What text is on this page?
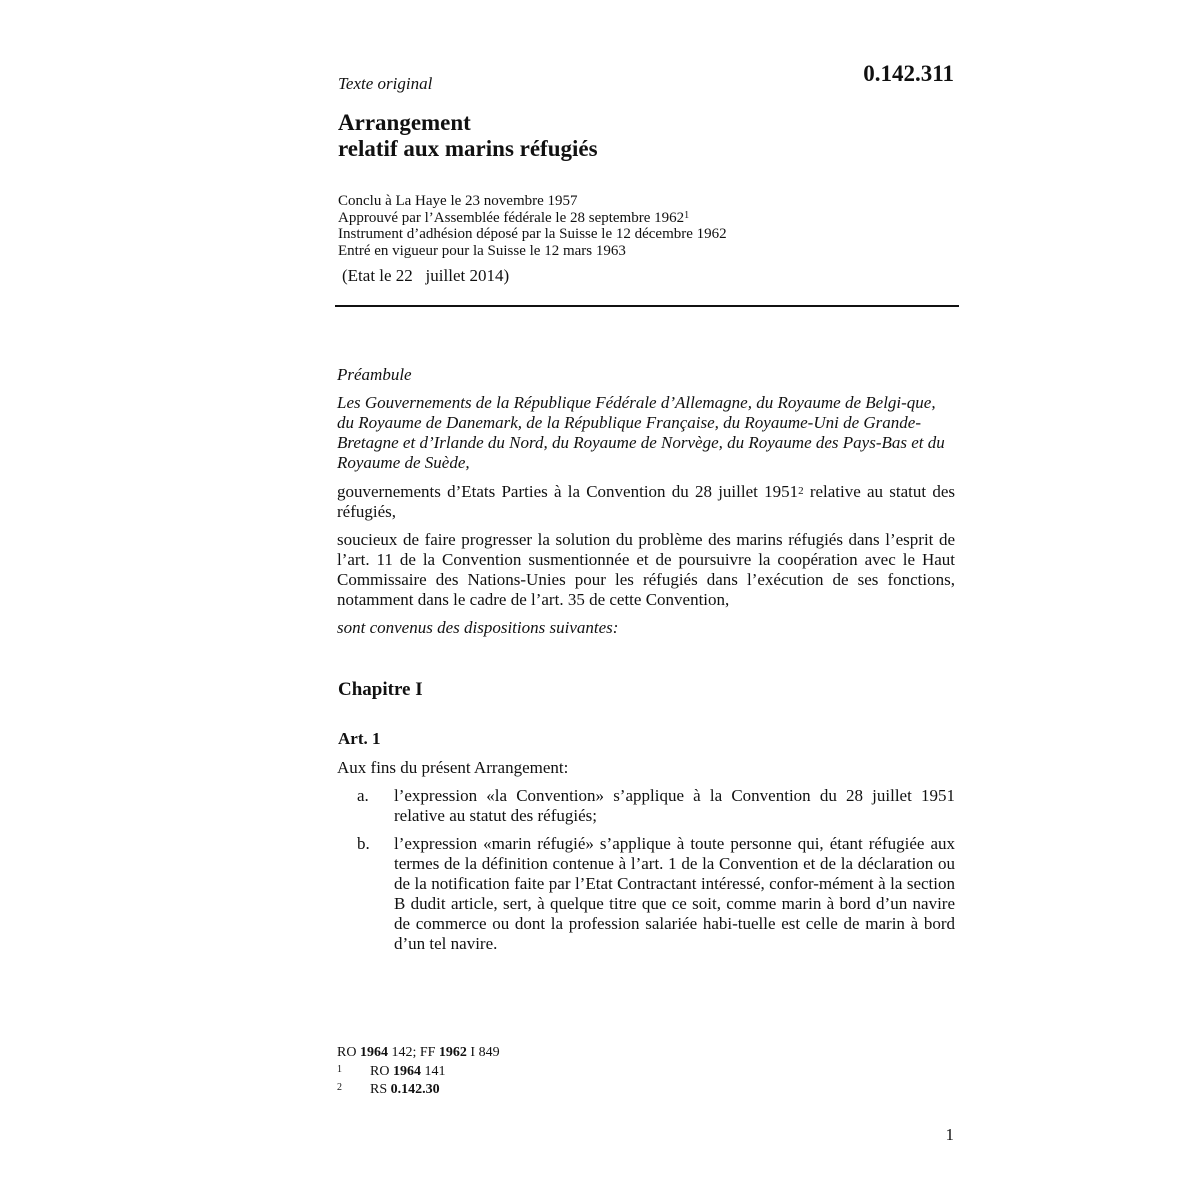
Texte original	0.142.311
Arrangement
relatif aux marins réfugiés
Conclu à La Haye le 23 novembre 1957
Approuvé par l’Assemblée fédérale le 28 septembre 1962$^1$
Instrument d’adhésion déposé par la Suisse le 12 décembre 1962
Entré en vigueur pour la Suisse le 12 mars 1963
(Etat le 22   juillet 2014)
Préambule
Les Gouvernements de la République Fédérale d’Allemagne, du Royaume de Belgi-que, du Royaume de Danemark, de la République Française, du Royaume-Uni de Grande-Bretagne et d’Irlande du Nord, du Royaume de Norvège, du Royaume des Pays-Bas et du Royaume de Suède,
gouvernements d’Etats Parties à la Convention du 28 juillet 1951$^2$ relative au statut des réfugiés,
soucieux de faire progresser la solution du problème des marins réfugiés dans l’esprit de l’art. 11 de la Convention susmentionnée et de poursuivre la coopération avec le Haut Commissaire des Nations-Unies pour les réfugiés dans l’exécution de ses fonctions, notamment dans le cadre de l’art. 35 de cette Convention,
sont convenus des dispositions suivantes:
Chapitre I
Art. 1
Aux fins du présent Arrangement:
a. l’expression «la Convention» s’applique à la Convention du 28 juillet 1951 relative au statut des réfugiés;
b. l’expression «marin réfugié» s’applique à toute personne qui, étant réfugiée aux termes de la définition contenue à l’art. 1 de la Convention et de la déclaration ou de la notification faite par l’Etat Contractant intéressé, confor-mément à la section B dudit article, sert, à quelque titre que ce soit, comme marin à bord d’un navire de commerce ou dont la profession salariée habi-tuelle est celle de marin à bord d’un tel navire.
RO 1964 142; FF 1962 I 849
1 RO 1964 141
2 RS 0.142.30
1
